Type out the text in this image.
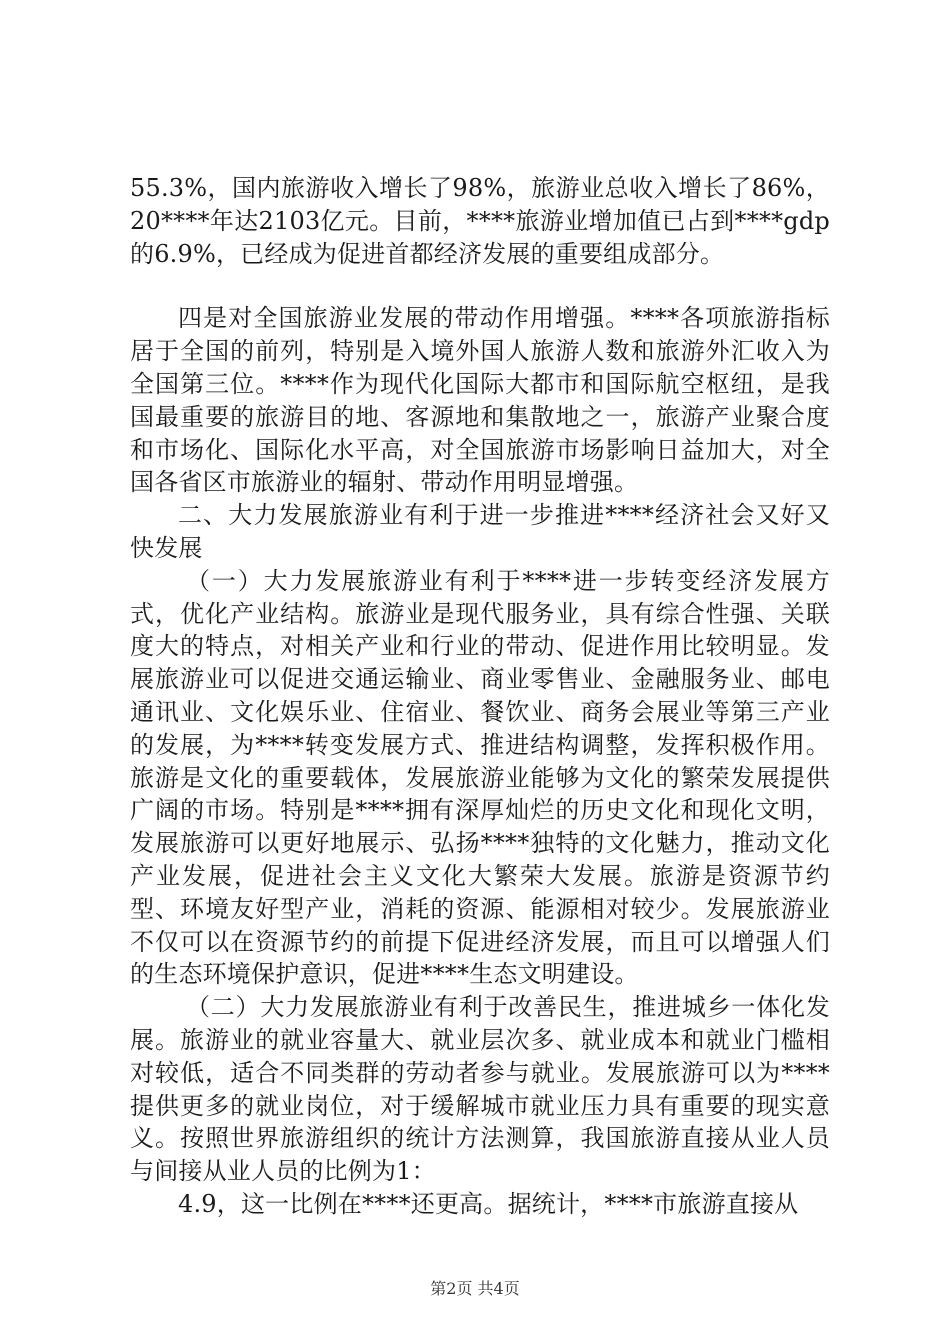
55.3%，国内旅游收入增长了98%，旅游业总收入增长了86%，20****年达2103亿元。目前，****旅游业增加值已占到****gdp的6.9%，已经成为促进首都经济发展的重要组成部分。

四是对全国旅游业发展的带动作用增强。****各项旅游指标居于全国的前列，特别是入境外国人旅游人数和旅游外汇收入为全国第三位。****作为现代化国际大都市和国际航空枢纽，是我国最重要的旅游目的地、客源地和集散地之一，旅游产业聚合度和市场化、国际化水平高，对全国旅游市场影响日益加大，对全国各省区市旅游业的辐射、带动作用明显增强。

二、大力发展旅游业有利于进一步推进****经济社会又好又快发展

（一）大力发展旅游业有利于****进一步转变经济发展方式，优化产业结构。旅游业是现代服务业，具有综合性强、关联度大的特点，对相关产业和行业的带动、促进作用比较明显。发展旅游业可以促进交通运输业、商业零售业、金融服务业、邮电通讯业、文化娱乐业、住宿业、餐饮业、商务会展业等第三产业的发展，为****转变发展方式、推进结构调整，发挥积极作用。旅游是文化的重要载体，发展旅游业能够为文化的繁荣发展提供广阔的市场。特别是****拥有深厚灿烂的历史文化和现化文明，发展旅游可以更好地展示、弘扬****独特的文化魅力，推动文化产业发展，促进社会主义文化大繁荣大发展。旅游是资源节约型、环境友好型产业，消耗的资源、能源相对较少。发展旅游业不仅可以在资源节约的前提下促进经济发展，而且可以增强人们的生态环境保护意识，促进****生态文明建设。

（二）大力发展旅游业有利于改善民生，推进城乡一体化发展。旅游业的就业容量大、就业层次多、就业成本和就业门槛相对较低，适合不同类群的劳动者参与就业。发展旅游可以为****提供更多的就业岗位，对于缓解城市就业压力具有重要的现实意义。按照世界旅游组织的统计方法测算，我国旅游直接从业人员与间接从业人员的比例为1：

4.9，这一比例在****还更高。据统计，****市旅游直接从

第2页 共4页
